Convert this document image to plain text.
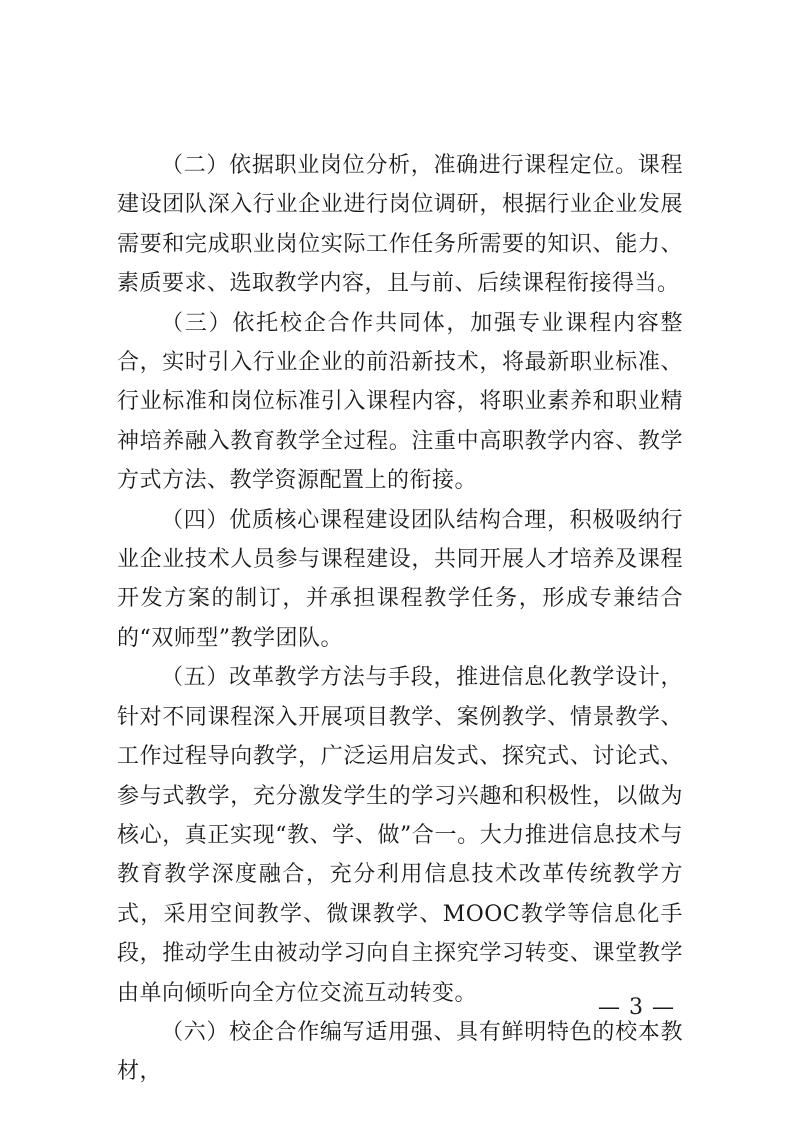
（二）依据职业岗位分析，准确进行课程定位。课程建设团队深入行业企业进行岗位调研，根据行业企业发展需要和完成职业岗位实际工作任务所需要的知识、能力、素质要求、选取教学内容，且与前、后续课程衔接得当。

（三）依托校企合作共同体，加强专业课程内容整合，实时引入行业企业的前沿新技术，将最新职业标准、行业标准和岗位标准引入课程内容，将职业素养和职业精神培养融入教育教学全过程。注重中高职教学内容、教学方式方法、教学资源配置上的衔接。

（四）优质核心课程建设团队结构合理，积极吸纳行业企业技术人员参与课程建设，共同开展人才培养及课程开发方案的制订，并承担课程教学任务，形成专兼结合的“双师型”教学团队。

（五）改革教学方法与手段，推进信息化教学设计，针对不同课程深入开展项目教学、案例教学、情景教学、工作过程导向教学，广泛运用启发式、探究式、讨论式、参与式教学，充分激发学生的学习兴趣和积极性，以做为核心，真正实现“教、学、做”合一。大力推进信息技术与教育教学深度融合，充分利用信息技术改革传统教学方式，采用空间教学、微课教学、MOOC教学等信息化手段，推动学生由被动学习向自主探究学习转变、课堂教学由单向倾听向全方位交流互动转变。

（六）校企合作编写适用强、具有鲜明特色的校本教材，

— 3 —
